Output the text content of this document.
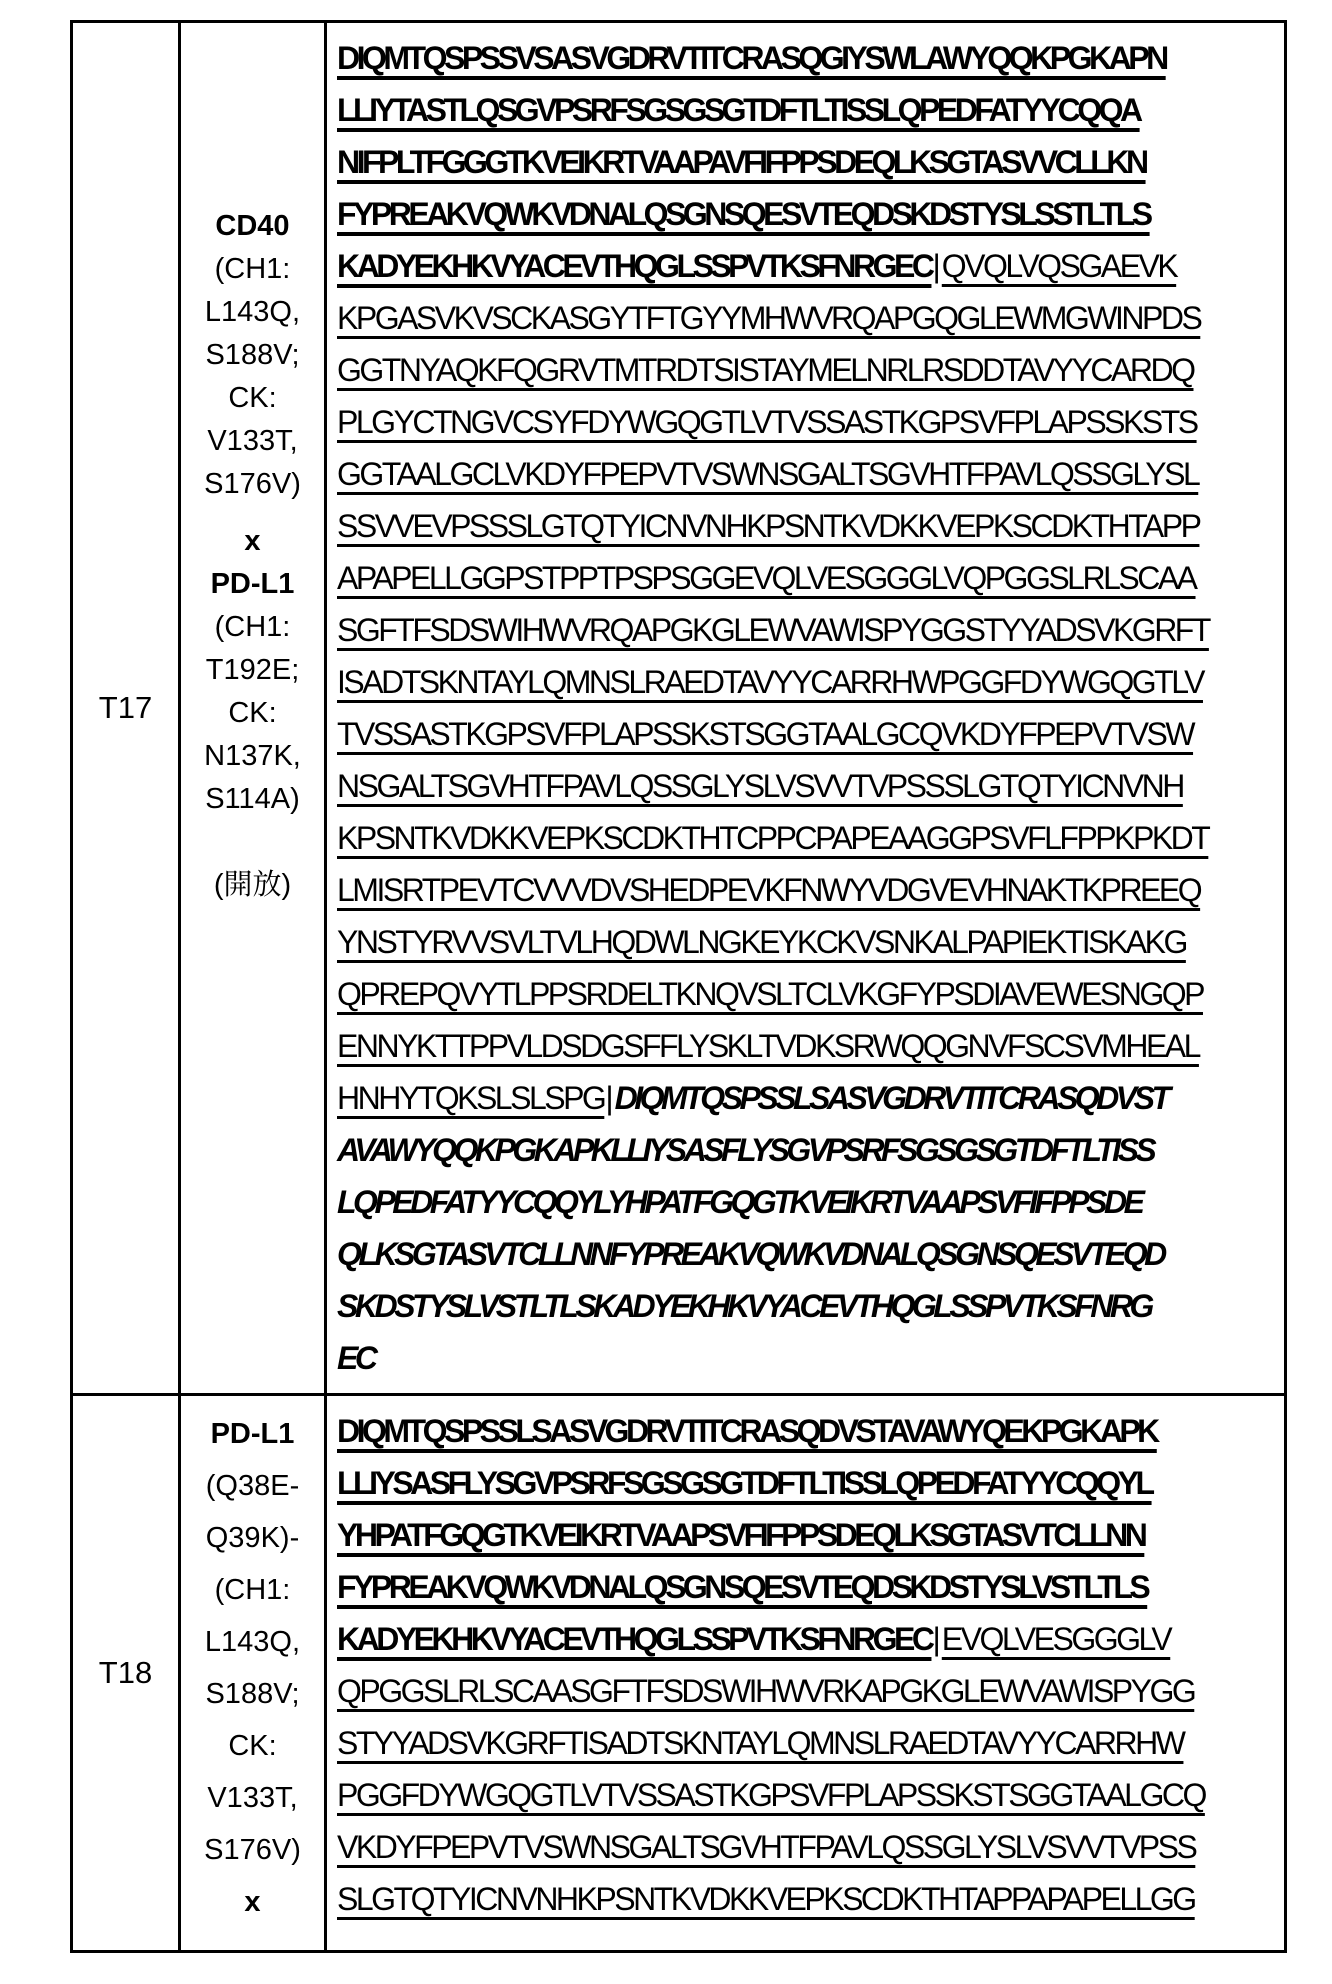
T17
CD40
(CH1:
L143Q,
S188V;
CK:
V133T,
S176V)
x
PD-L1
(CH1:
T192E;
CK:
N137K,
S114A)

(開放)
DIQMTQSPSSVSASVGDRVTITCRASQGIYSWLAWYQQKPGKAPN
LLIYTASTLQSGVPSRFSGSGSGTDFTLTISSLQPEDFATYYCQQA
NIFPLTFGGGTKVEIKRTVAAPAVFIFPPSDEQLKSGTASVVCLLKN
FYPREAKVQWKVDNALQSGNSQESVTEQDSKDSTYSLSSTLTLS
KADYEKHKVYACEVTHQGLSSPVTKSFNRGEC|QVQLVQSGAEVK
KPGASVKVSCKASGYTFTGYYMHWVRQAPGQGLEWMGWINPDS
GGTNYAQKFQGRVTMTRDTSISTAYMELNRLRSDDTAVYYCARDQ
PLGYCTNGVCSYFDYWGQGTLVTVSSASTKGPSVFPLAPSSKSTS
GGTAALGCLVKDYFPEPVTVSWNSGALTSGVHTFPAVLQSSGLYSL
SSVVEVPSSSLGTQTYICNVNHKPSNTKVDKKVEPKSCDKTHTAPP
APAPELLGGPSTPPTPSPSGGEVQLVESGGGLVQPGGSLRLSCAA
SGFTFSDSWIHWVRQAPGKGLEWVAWISPYGGSTYYADSVKGRFT
ISADTSKNTAYLQMNSLRAEDTAVYYCARRHWPGGFDYWGQGTLV
TVSSASTKGPSVFPLAPSSKSTSGGTAALGCQVKDYFPEPVTVSW
NSGALTSGVHTFPAVLQSSGLYSLVSVVTVPSSSLGTQTYICNVNH
KPSNTKVDKKVEPKSCDKTHTCPPCPAPEAAGGPSVFLFPPKPKDT
LMISRTPEVTCVVVDVSHEDPEVKFNWYVDGVEVHNAKTKPREEQ
YNSTYRVVSVLTVLHQDWLNGKEYKCKVSNKALPAPIEKTISKAKG
QPREPQVYTLPPSRDELTKNQVSLTCLVKGFYPSDIAVEWESNGQP
ENNYKTTPPVLDSDGSFFLYSKLTVDKSRWQQGNVFSCSVMHEAL
HNHYTQKSLSLSPG|DIQMTQSPSSLSASVGDRVTITCRASQDVST
AVAWYQQKPGKAPKLLIYSASFLYSGVPSRFSGSGSGTDFTLTISS
LQPEDFATYYCQQYLYHPATFGQGTKVEIKRTVAAPSVFIFPPSDE
QLKSGTASVTCLLNNFYPREAKVQWKVDNALQSGNSQESVTEQD
SKDSTYSLVSTLTLSKADYEKHKVYACEVTHQGLSSPVTKSFNRG
EC
T18
PD-L1
(Q38E-
Q39K)-
(CH1:
L143Q,
S188V;
CK:
V133T,
S176V)
x
DIQMTQSPSSLSASVGDRVTITCRASQDVSTAVAWYQEKPGKAPK
LLIYSASFLYSGVPSRFSGSGSGTDFTLTISSLQPEDFATYYCQQYL
YHPATFGQGTKVEIKRTVAAPSVFIFPPSDEQLKSGTASVTCLLNN
FYPREAKVQWKVDNALQSGNSQESVTEQDSKDSTYSLVSTLTLS
KADYEKHKVYACEVTHQGLSSPVTKSFNRGEC|EVQLVESGGGLV
QPGGSLRLSCAASGFTFSDSWIHWVRKAPGKGLEWVAWISPYGG
STYYADSVKGRFTISADTSKNTAYLQMNSLRAEDTAVYYCARRHW
PGGFDYWGQGTLVTVSSASTKGPSVFPLAPSSKSTSGGTAALGCQ
VKDYFPEPVTVSWNSGALTSGVHTFPAVLQSSGLYSLVSVVTVPSS
SLGTQTYICNVNHKPSNTKVDKKVEPKSCDKTHTAPPAPAPELLGG
